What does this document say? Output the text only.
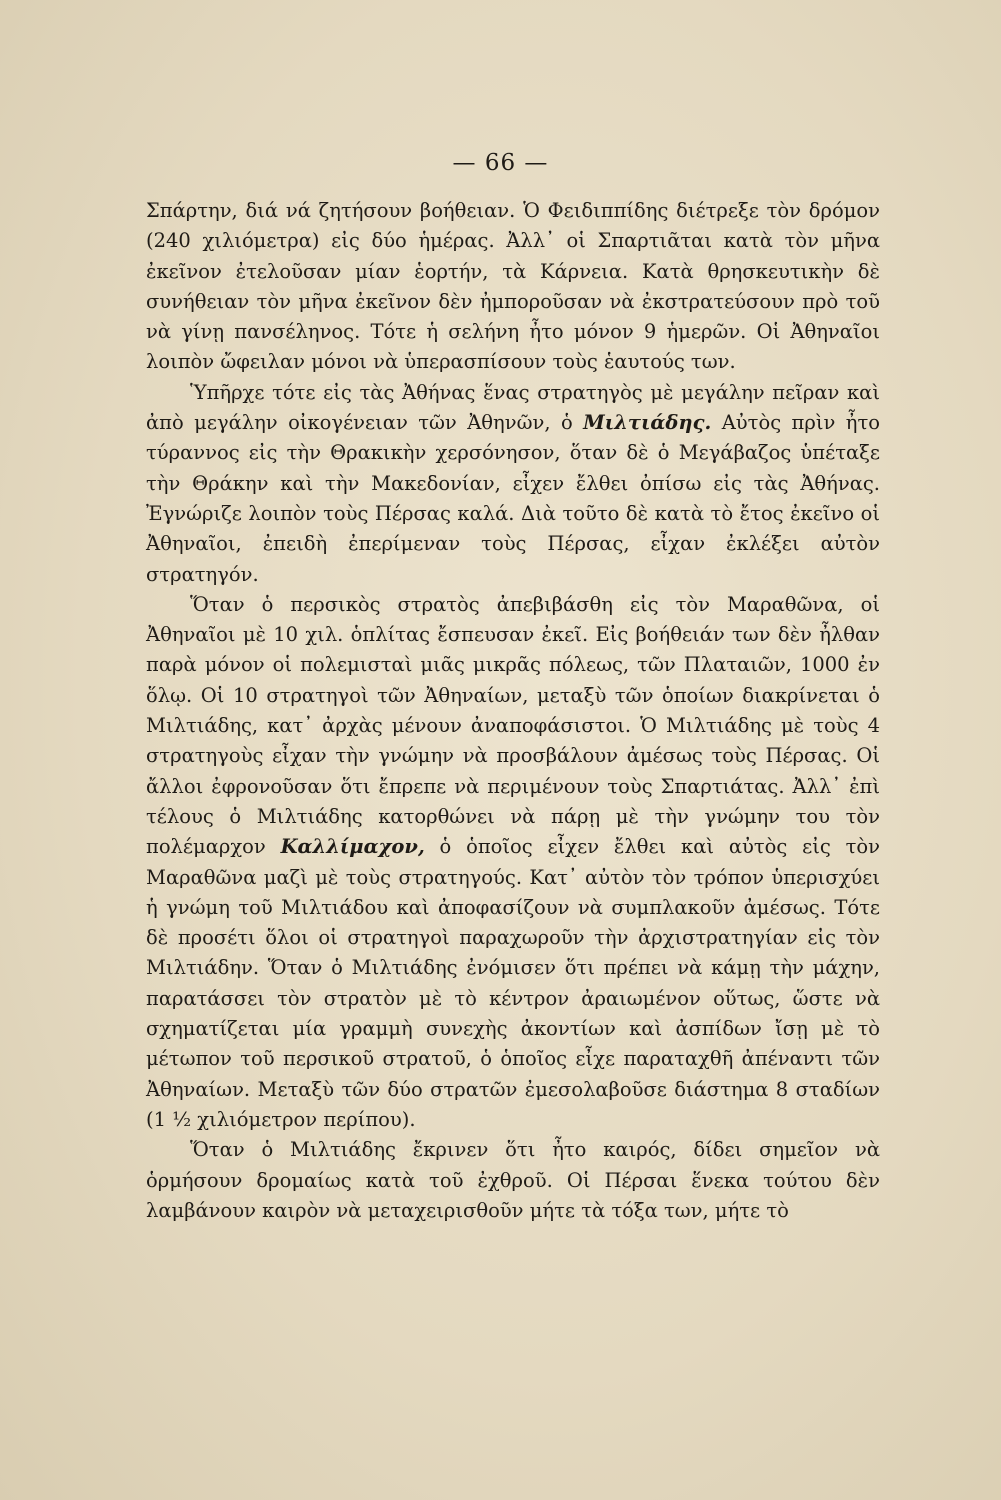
— 66 —

Σπάρτην, διά νά ζητήσουν βοήθειαν. Ὁ Φειδιππίδης διέτρεξε τὸν δρόμον (240 χιλιόμετρα) εἰς δύο ἡμέρας. Ἀλλ᾿ οἱ Σπαρτιᾶται κατὰ τὸν μῆνα ἐκεῖνον ἐτελοῦσαν μίαν ἑορτήν, τὰ Κάρνεια. Κατὰ θρησκευτικὴν δὲ συνήθειαν τὸν μῆνα ἐκεῖνον δὲν ἠμποροῦσαν νὰ ἐκστρατεύσουν πρὸ τοῦ νὰ γίνῃ πανσέληνος. Τότε ἡ σελήνη ἦτο μόνον 9 ἡμερῶν. Οἱ Ἀθηναῖοι λοιπὸν ὤφειλαν μόνοι νὰ ὑπερασπίσουν τοὺς ἑαυτούς των.

Ὑπῆρχε τότε εἰς τὰς Ἀθήνας ἕνας στρατηγὸς μὲ μεγάλην πεῖραν καὶ ἀπὸ μεγάλην οἰκογένειαν τῶν Ἀθηνῶν, ὁ Μιλτιάδης. Αὐτὸς πρὶν ἦτο τύραννος εἰς τὴν Θρακικὴν χερσόνησον, ὅταν δὲ ὁ Μεγάβαζος ὑπέταξε τὴν Θράκην καὶ τὴν Μακεδονίαν, εἶχεν ἔλθει ὀπίσω εἰς τὰς Ἀθήνας. Ἐγνώριζε λοιπὸν τοὺς Πέρσας καλά. Διὰ τοῦτο δὲ κατὰ τὸ ἔτος ἐκεῖνο οἱ Ἀθηναῖοι, ἐπειδὴ ἐπερίμεναν τοὺς Πέρσας, εἶχαν ἐκλέξει αὐτὸν στρατηγόν.

Ὅταν ὁ περσικὸς στρατὸς ἀπεβιβάσθη εἰς τὸν Μαραθῶνα, οἱ Ἀθηναῖοι μὲ 10 χιλ. ὁπλίτας ἔσπευσαν ἐκεῖ. Εἰς βοήθειάν των δὲν ἦλθαν παρὰ μόνον οἱ πολεμισταὶ μιᾶς μικρᾶς πόλεως, τῶν Πλαταιῶν, 1000 ἐν ὅλῳ. Οἱ 10 στρατηγοὶ τῶν Ἀθηναίων, μεταξὺ τῶν ὁποίων διακρίνεται ὁ Μιλτιάδης, κατ᾿ ἀρχὰς μένουν ἀναποφάσιστοι. Ὁ Μιλτιάδης μὲ τοὺς 4 στρατηγοὺς εἶχαν τὴν γνώμην νὰ προσβάλουν ἀμέσως τοὺς Πέρσας. Οἱ ἄλλοι ἐφρονοῦσαν ὅτι ἔπρεπε νὰ περιμένουν τοὺς Σπαρτιάτας. Ἀλλ᾿ ἐπὶ τέλους ὁ Μιλτιάδης κατορθώνει νὰ πάρῃ μὲ τὴν γνώμην του τὸν πολέμαρχον Καλλίμαχον, ὁ ὁποῖος εἶχεν ἔλθει καὶ αὐτὸς εἰς τὸν Μαραθῶνα μαζὶ μὲ τοὺς στρατηγούς. Κατ᾿ αὐτὸν τὸν τρόπον ὑπερισχύει ἡ γνώμη τοῦ Μιλτιάδου καὶ ἀποφασίζουν νὰ συμπλακοῦν ἀμέσως. Τότε δὲ προσέτι ὅλοι οἱ στρατηγοὶ παραχωροῦν τὴν ἀρχιστρατηγίαν εἰς τὸν Μιλτιάδην. Ὅταν ὁ Μιλτιάδης ἐνόμισεν ὅτι πρέπει νὰ κάμῃ τὴν μάχην, παρατάσσει τὸν στρατὸν μὲ τὸ κέντρον ἀραιωμένον οὕτως, ὥστε νὰ σχηματίζεται μία γραμμὴ συνεχὴς ἀκοντίων καὶ ἀσπίδων ἴσῃ μὲ τὸ μέτωπον τοῦ περσικοῦ στρατοῦ, ὁ ὁποῖος εἶχε παραταχθῆ ἀπέναντι τῶν Ἀθηναίων. Μεταξὺ τῶν δύο στρατῶν ἐμεσολαβοῦσε διάστημα 8 σταδίων (1 ½ χιλιόμετρον περίπου).

Ὅταν ὁ Μιλτιάδης ἔκρινεν ὅτι ἦτο καιρός, δίδει σημεῖον νὰ ὁρμήσουν δρομαίως κατὰ τοῦ ἐχθροῦ. Οἱ Πέρσαι ἕνεκα τούτου δὲν λαμβάνουν καιρὸν νὰ μεταχειρισθοῦν μήτε τὰ τόξα των, μήτε τὸ
